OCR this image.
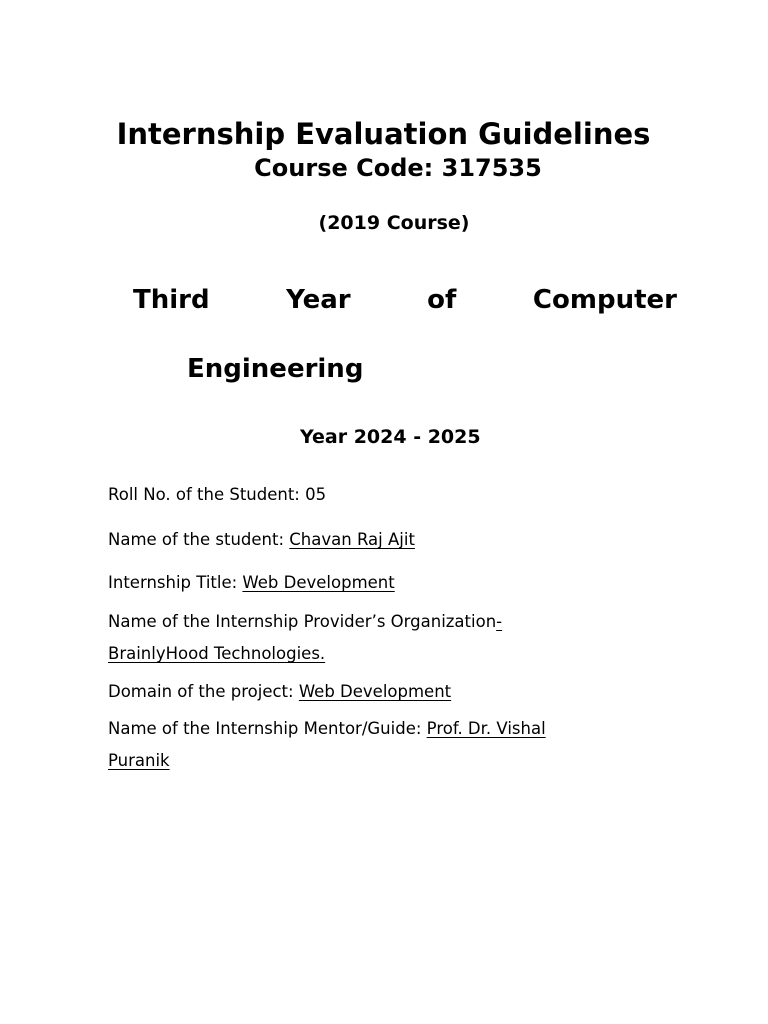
Internship Evaluation Guidelines
Course Code: 317535
(2019 Course)
Third	Year	of	Computer
Engineering
Year 2024 - 2025
Roll No. of the Student: 05
Name of the student: Chavan Raj Ajit
Internship Title: Web Development
Name of the Internship Provider’s Organization-
BrainlyHood Technologies.
Domain of the project: Web Development
Name of the Internship Mentor/Guide: Prof. Dr. Vishal
Puranik
